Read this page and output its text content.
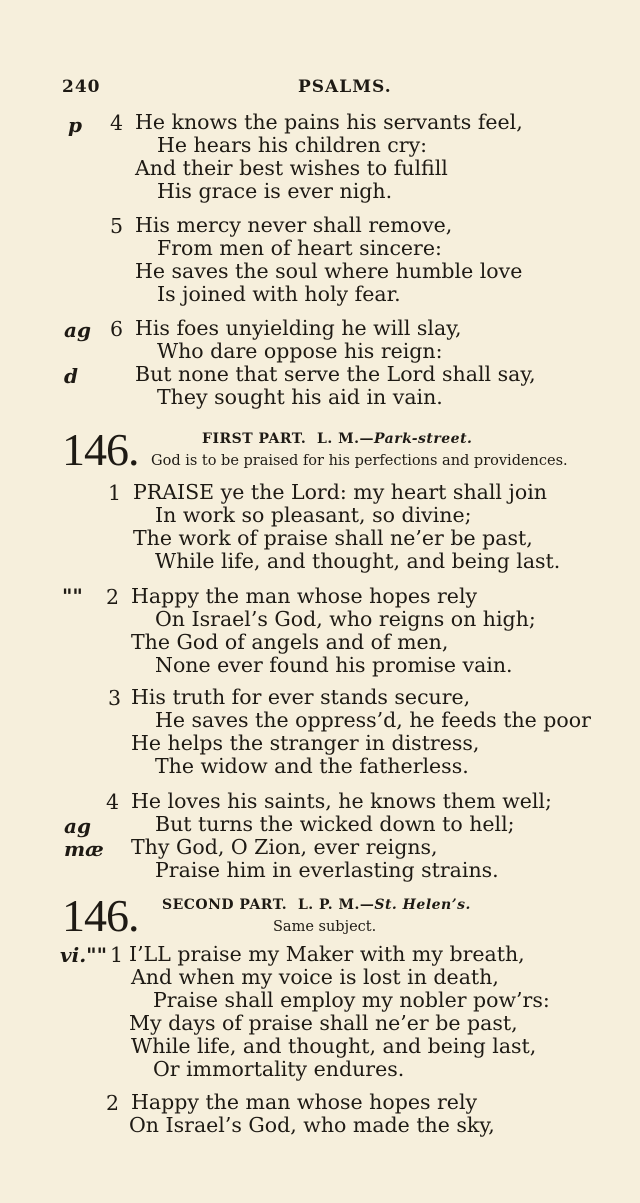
240	PSALMS.
p 4 He knows the pains his servants feel,
He hears his children cry:
And their best wishes to fulfill
His grace is ever nigh.
5 His mercy never shall remove,
From men of heart sincere:
He saves the soul where humble love
Is joined with holy fear.
ag 6 His foes unyielding he will slay,
Who dare oppose his reign:
d	But none that serve the Lord shall say,
They sought his aid in vain.
146.	FIRST PART. L. M.—Park-street.
God is to be praised for his perfections and providences.
1 PRAISE ye the Lord: my heart shall join
In work so pleasant, so divine;
The work of praise shall ne’er be past,
While life, and thought, and being last.
"" 2 Happy the man whose hopes rely
On Israel’s God, who reigns on high;
The God of angels and of men,
None ever found his promise vain.
3 His truth for ever stands secure,
He saves the oppress’d, he feeds the poor
He helps the stranger in distress,
The widow and the fatherless.
4 He loves his saints, he knows them well;
ag	But turns the wicked down to hell;
mæ Thy God, O Zion, ever reigns,
Praise him in everlasting strains.
146. SECOND PART. L. P. M.—St. Helen’s.
Same subject.
vi."" 1 I’LL praise my Maker with my breath,
And when my voice is lost in death,
Praise shall employ my nobler pow’rs:
My days of praise shall ne’er be past,
While life, and thought, and being last,
Or immortality endures.
2 Happy the man whose hopes rely
On Israel’s God, who made the sky,
